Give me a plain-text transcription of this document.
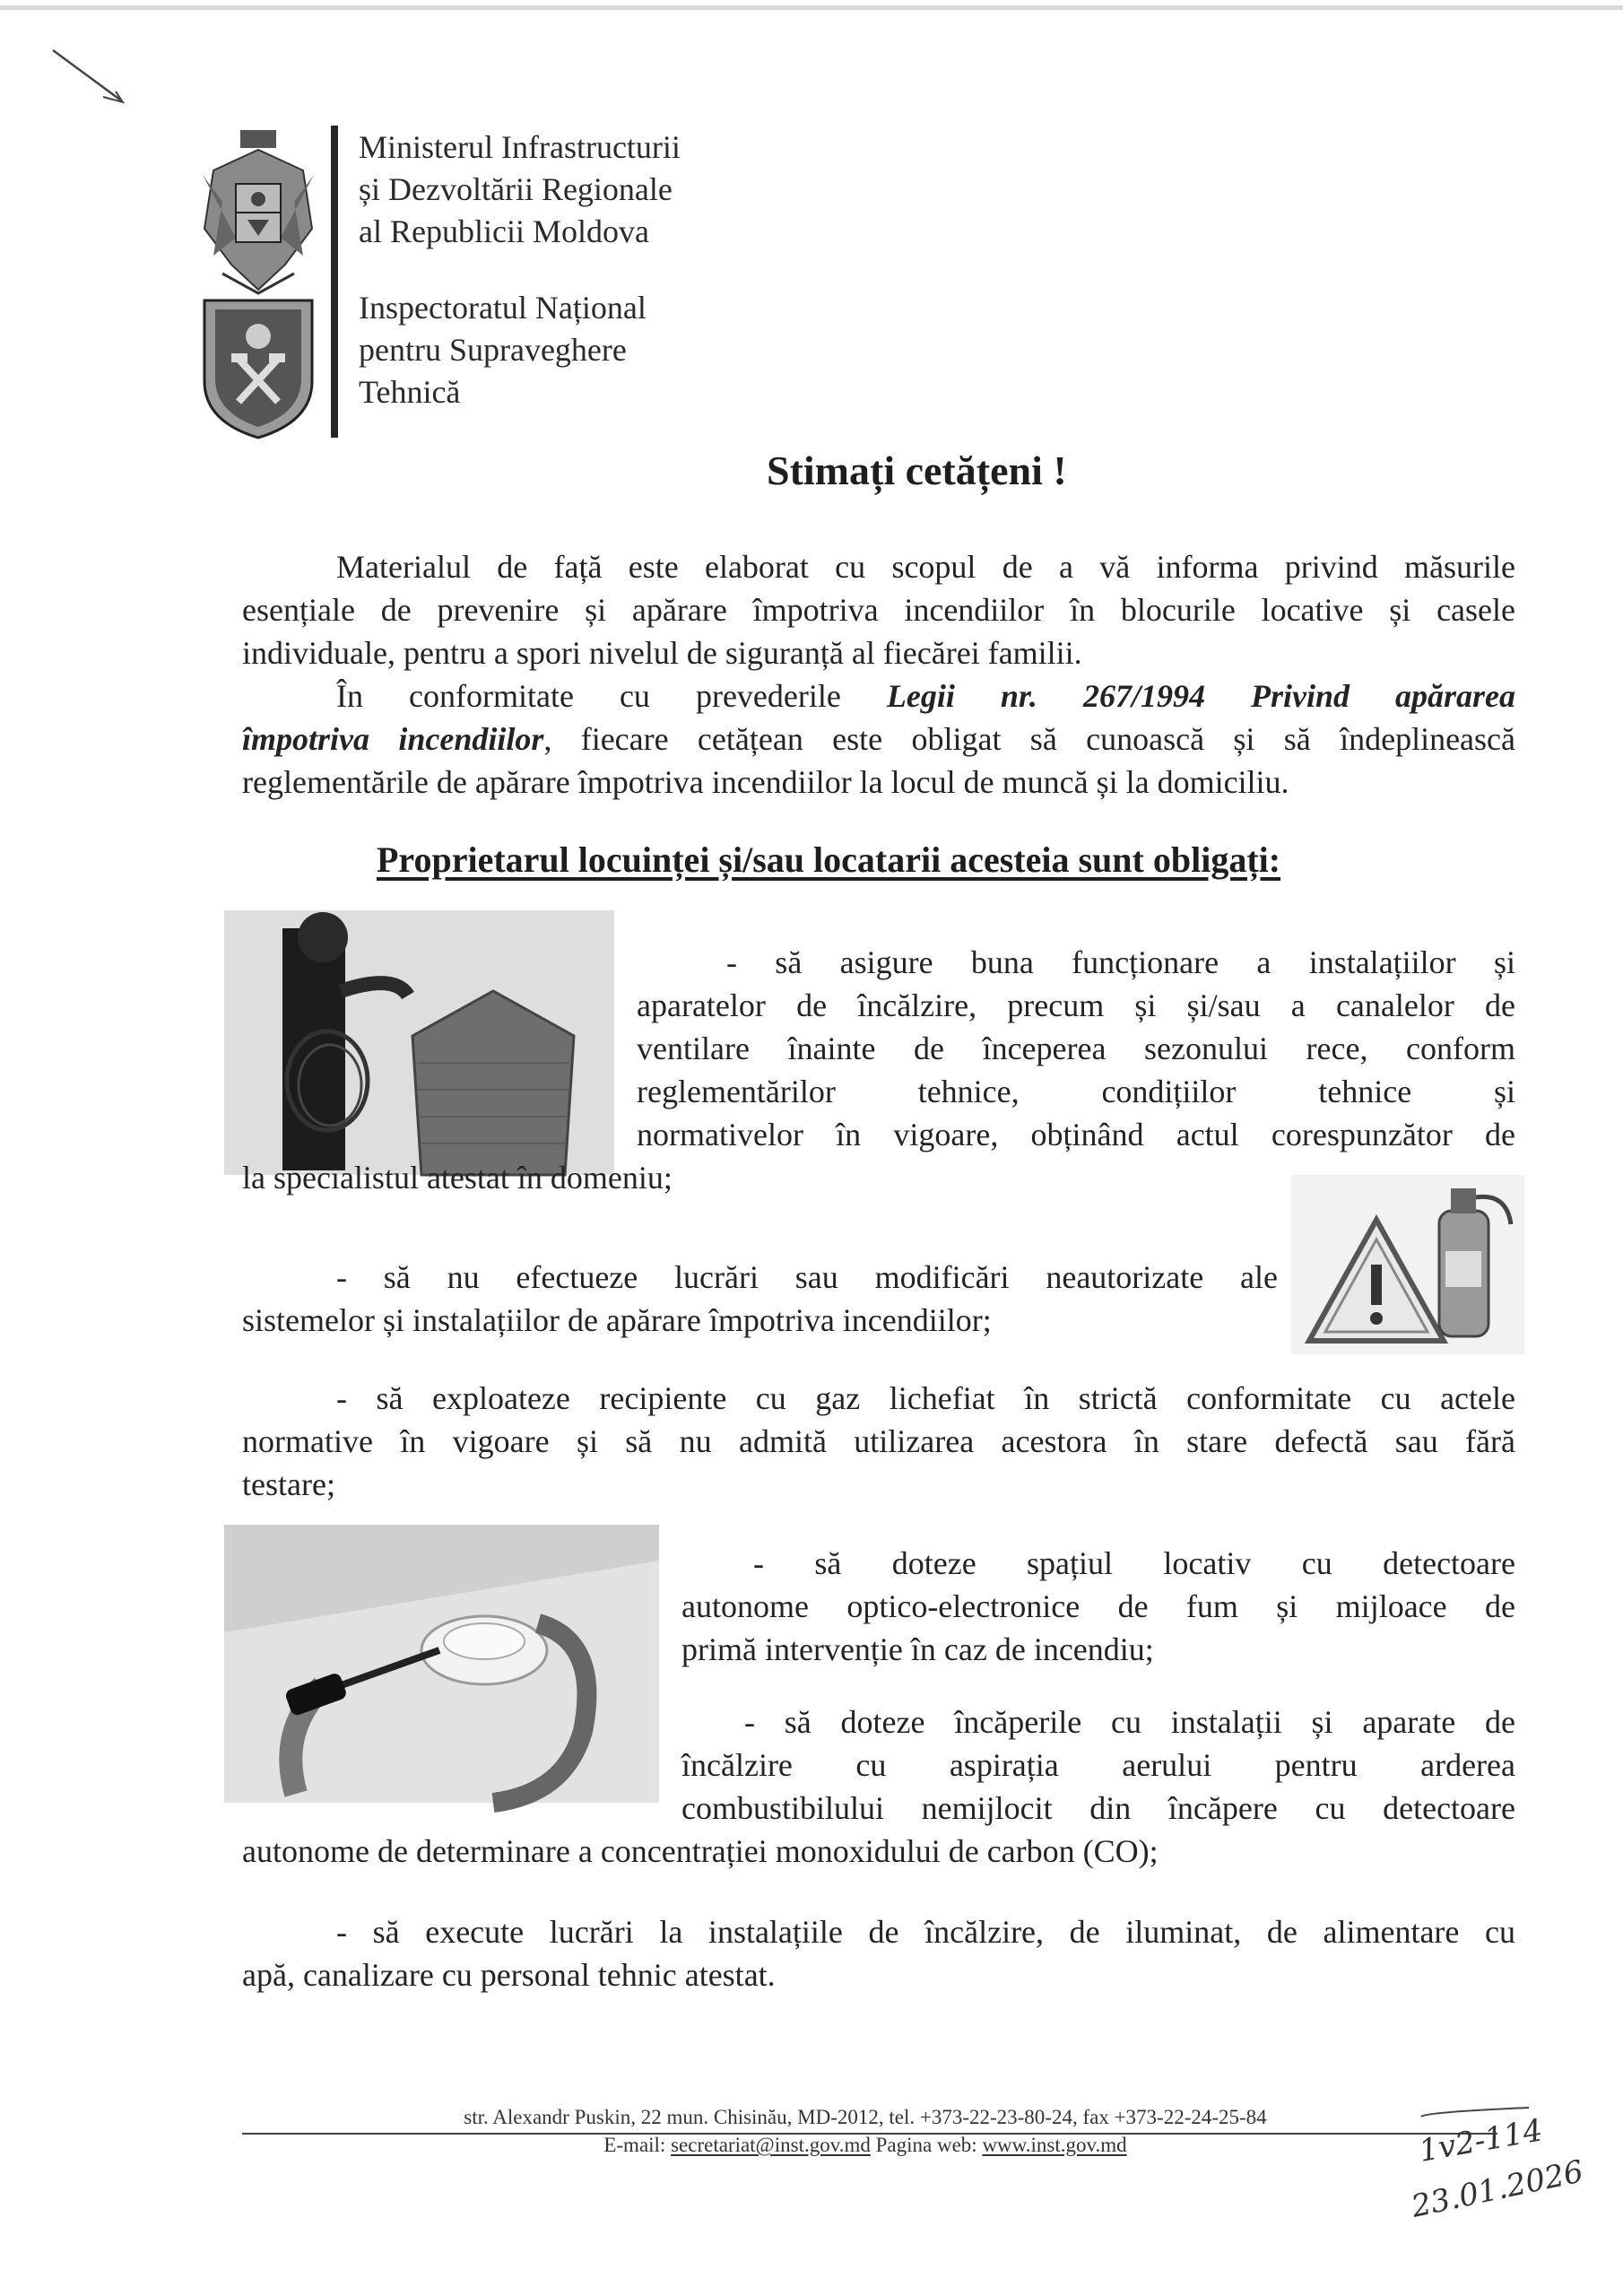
Ministerul Infrastructurii
și Dezvoltării Regionale
al Republicii Moldova
Inspectoratul Național
pentru Supraveghere
Tehnică
Stimați cetățeni !
Materialul de față este elaborat cu scopul de a vă informa privind măsurile
esențiale de prevenire și apărare împotriva incendiilor în blocurile locative și casele
individuale, pentru a spori nivelul de siguranță al fiecărei familii.
În conformitate cu prevederile Legii nr. 267/1994 Privind apărarea
împotriva incendiilor, fiecare cetățean este obligat să cunoască și să îndeplinească
reglementările de apărare împotriva incendiilor la locul de muncă și la domiciliu.
Proprietarul locuinței și/sau locatarii acesteia sunt obligați:
- să asigure buna funcționare a instalațiilor și
aparatelor de încălzire, precum și și/sau a canalelor de
ventilare înainte de începerea sezonului rece, conform
reglementărilor tehnice, condițiilor tehnice și
normativelor în vigoare, obținând actul corespunzător de
la specialistul atestat în domeniu;
- să nu efectueze lucrări sau modificări neautorizate ale
sistemelor și instalațiilor de apărare împotriva incendiilor;
- să exploateze recipiente cu gaz lichefiat în strictă conformitate cu actele
normative în vigoare și să nu admită utilizarea acestora în stare defectă sau fără
testare;
- să doteze spațiul locativ cu detectoare
autonome optico-electronice de fum și mijloace de
primă intervenție în caz de incendiu;
- să doteze încăperile cu instalații și aparate de
încălzire cu aspirația aerului pentru arderea
combustibilului nemijlocit din încăpere cu detectoare
autonome de determinare a concentrației monoxidului de carbon (CO);
- să execute lucrări la instalațiile de încălzire, de iluminat, de alimentare cu
apă, canalizare cu personal tehnic atestat.
str. Alexandr Puskin, 22 mun. Chisinău, MD-2012, tel. +373-22-23-80-24, fax +373-22-24-25-84
E-mail: secretariat@inst.gov.md Pagina web: www.inst.gov.md	1v2-114
23.01.2026
